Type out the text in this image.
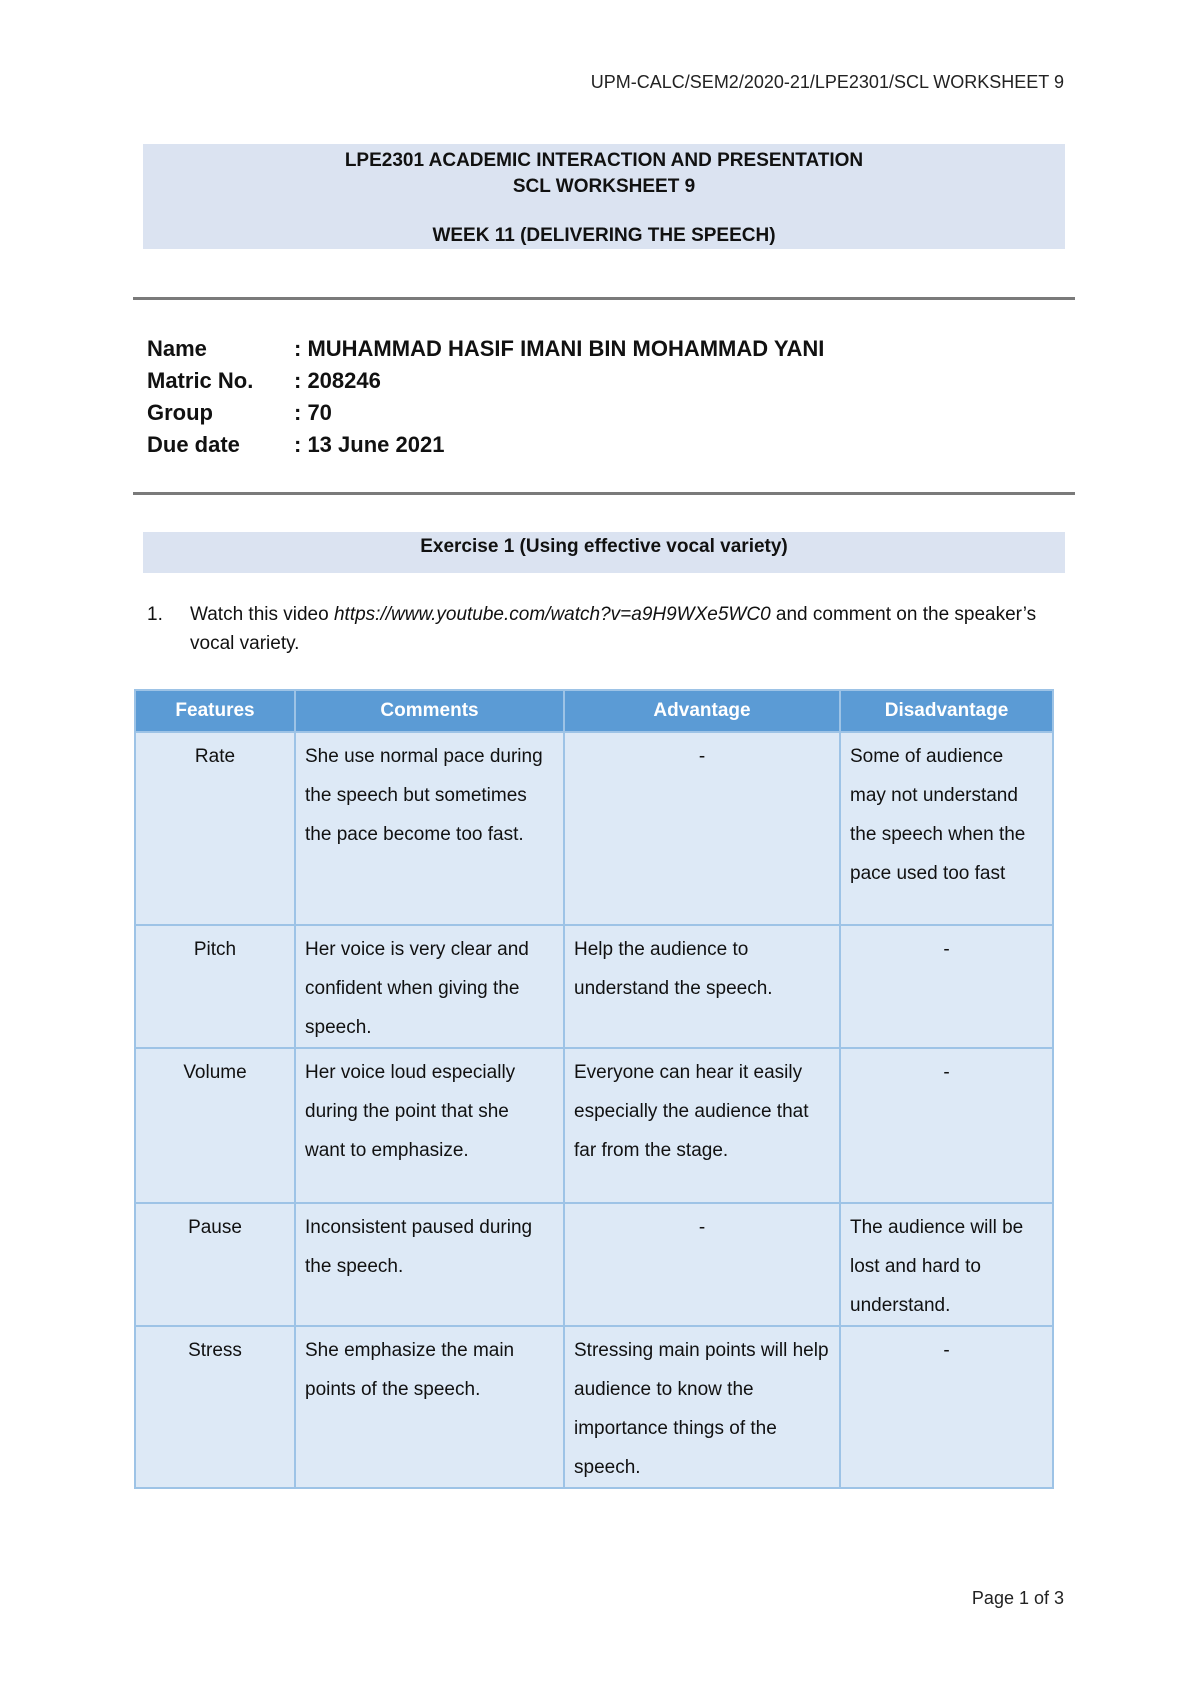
UPM-CALC/SEM2/2020-21/LPE2301/SCL WORKSHEET 9
LPE2301 ACADEMIC INTERACTION AND PRESENTATION
SCL WORKSHEET 9
WEEK 11 (DELIVERING THE SPEECH)
Name	: MUHAMMAD HASIF IMANI BIN MOHAMMAD YANI
Matric No.	: 208246
Group	: 70
Due date	: 13 June 2021
Exercise 1 (Using effective vocal variety)
1. Watch this video https://www.youtube.com/watch?v=a9H9WXe5WC0 and comment on the speaker’s vocal variety.
Features	Comments	Advantage	Disadvantage
Rate	She use normal pace during the speech but sometimes the pace become too fast.	-	Some of audience may not understand the speech when the pace used too fast
Pitch	Her voice is very clear and confident when giving the speech.	Help the audience to understand the speech.	-
Volume	Her voice loud especially during the point that she want to emphasize.	Everyone can hear it easily especially the audience that far from the stage.	-
Pause	Inconsistent paused during the speech.	-	The audience will be lost and hard to understand.
Stress	She emphasize the main points of the speech.	Stressing main points will help audience to know the importance things of the speech.	-
Page 1 of 3
